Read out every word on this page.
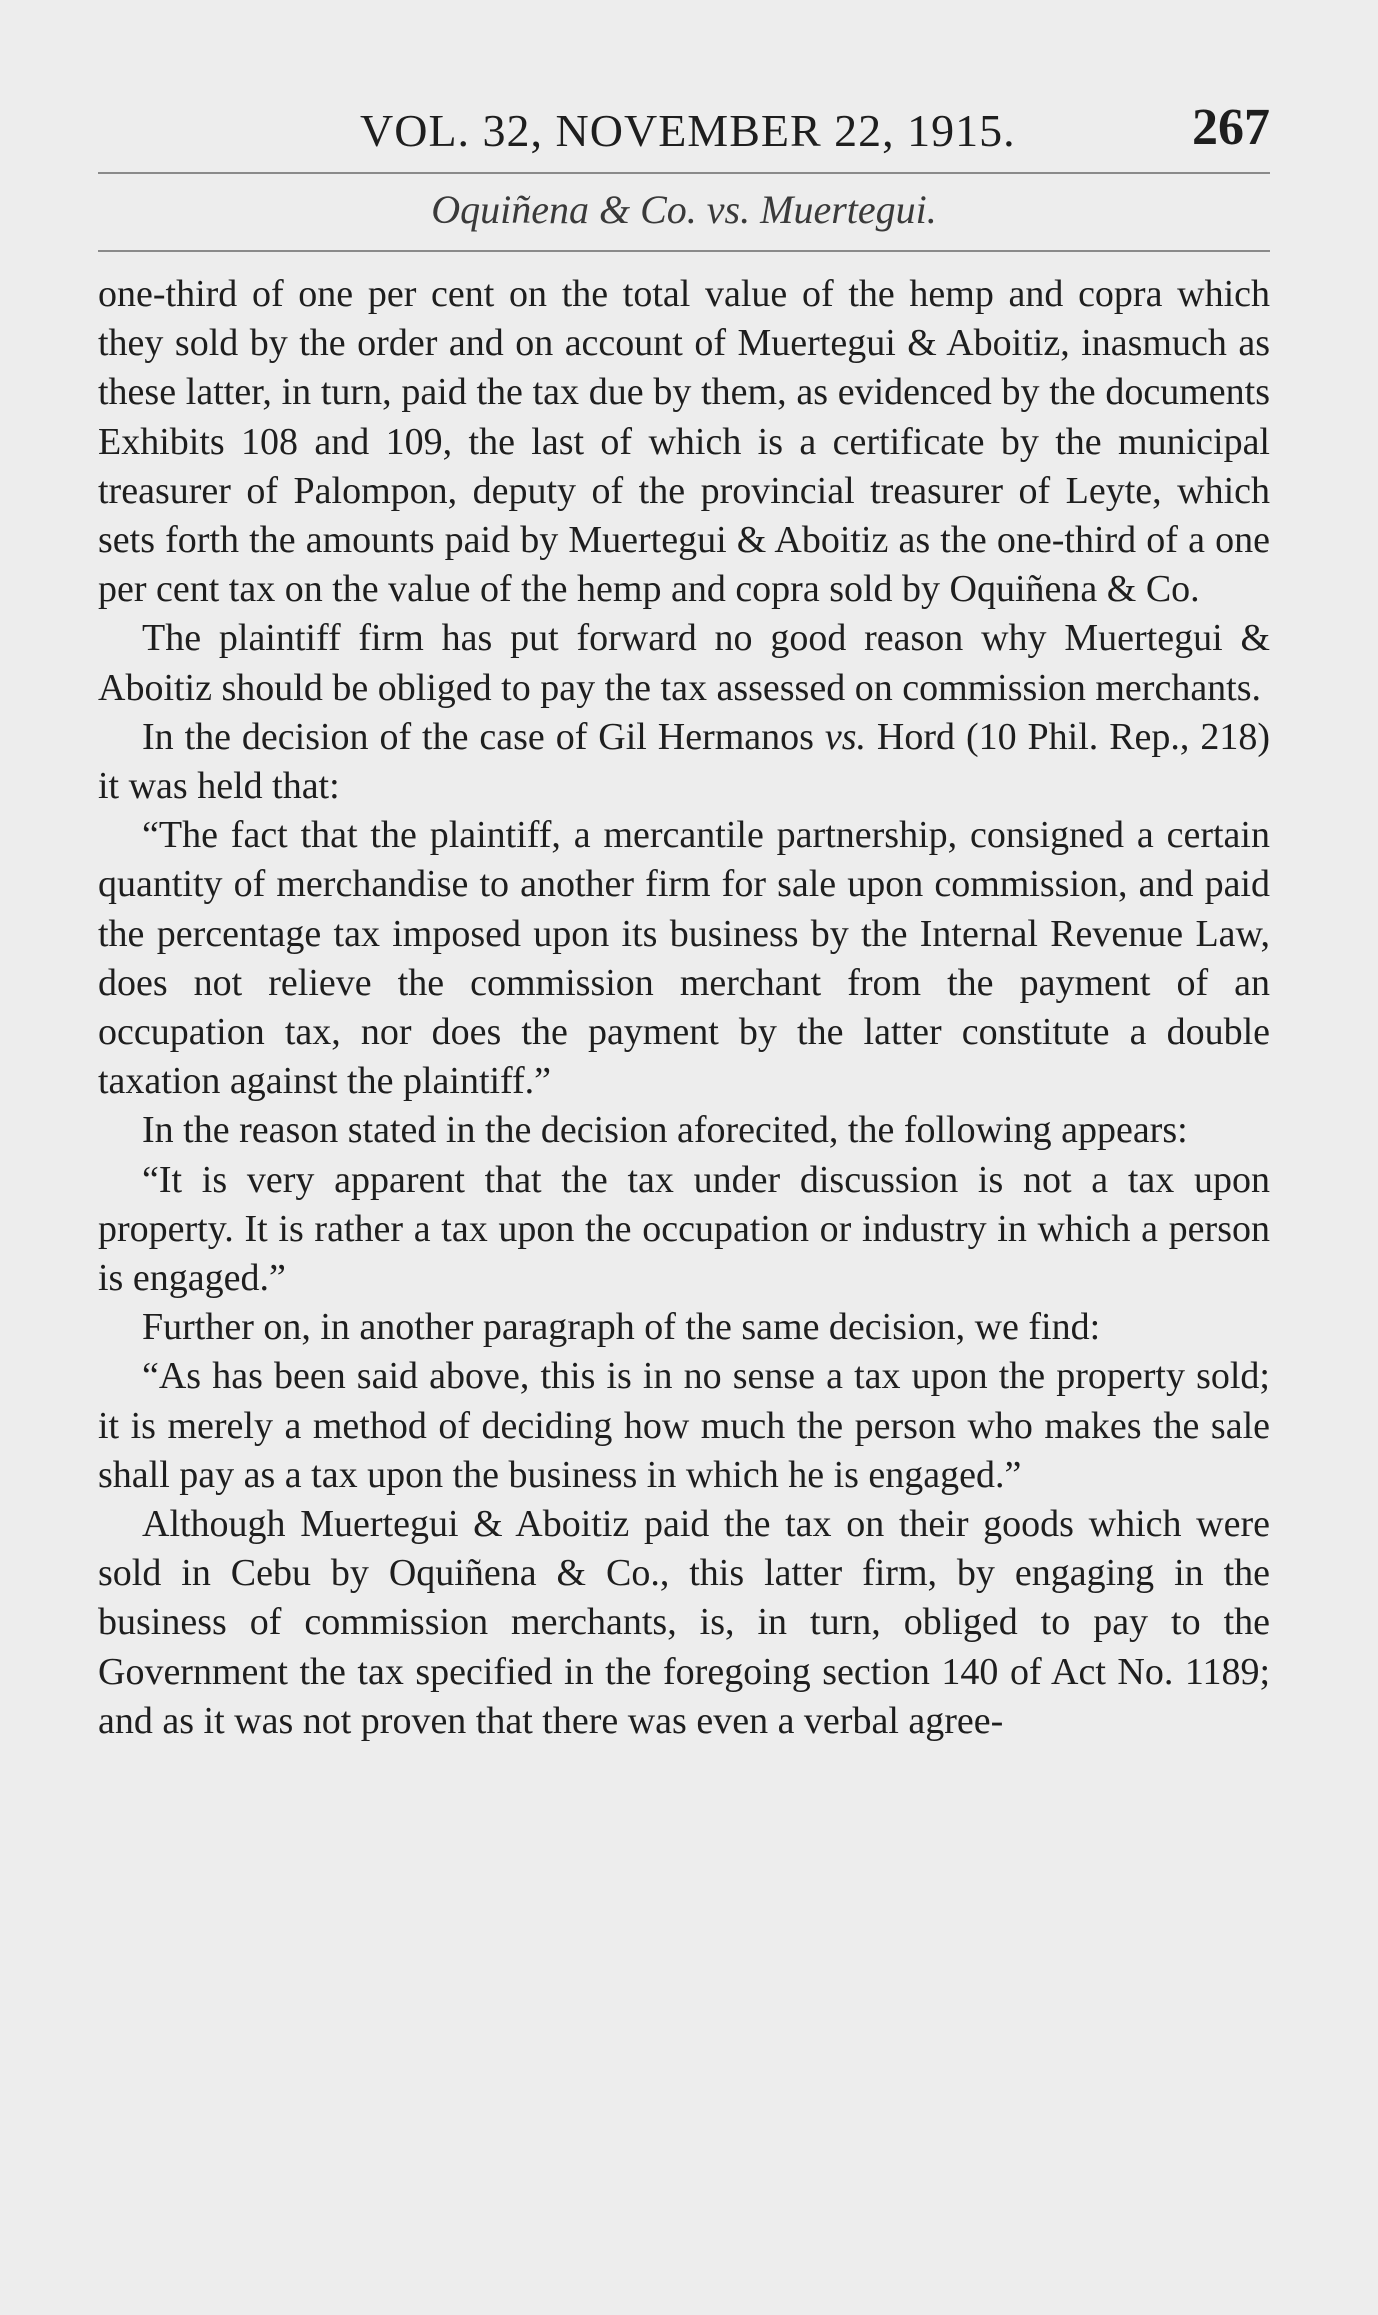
VOL. 32, NOVEMBER 22, 1915.	267
Oquiñena & Co. vs. Muertegui.

one-third of one per cent on the total value of the hemp and copra which they sold by the order and on account of Muertegui & Aboitiz, inasmuch as these latter, in turn, paid the tax due by them, as evidenced by the documents Exhibits 108 and 109, the last of which is a certificate by the municipal treasurer of Palompon, deputy of the provincial treasurer of Leyte, which sets forth the amounts paid by Muertegui & Aboitiz as the one-third of a one per cent tax on the value of the hemp and copra sold by Oquiñena & Co.

The plaintiff firm has put forward no good reason why Muertegui & Aboitiz should be obliged to pay the tax assessed on commission merchants.

In the decision of the case of Gil Hermanos vs. Hord (10 Phil. Rep., 218) it was held that:

“The fact that the plaintiff, a mercantile partnership, consigned a certain quantity of merchandise to another firm for sale upon commission, and paid the percentage tax imposed upon its business by the Internal Revenue Law, does not relieve the commission merchant from the payment of an occupation tax, nor does the payment by the latter constitute a double taxation against the plaintiff.”

In the reason stated in the decision aforecited, the following appears:

“It is very apparent that the tax under discussion is not a tax upon property. It is rather a tax upon the occupation or industry in which a person is engaged.”

Further on, in another paragraph of the same decision, we find:

“As has been said above, this is in no sense a tax upon the property sold; it is merely a method of deciding how much the person who makes the sale shall pay as a tax upon the business in which he is engaged.”

Although Muertegui & Aboitiz paid the tax on their goods which were sold in Cebu by Oquiñena & Co., this latter firm, by engaging in the business of commission merchants, is, in turn, obliged to pay to the Government the tax specified in the foregoing section 140 of Act No. 1189; and as it was not proven that there was even a verbal agree-
